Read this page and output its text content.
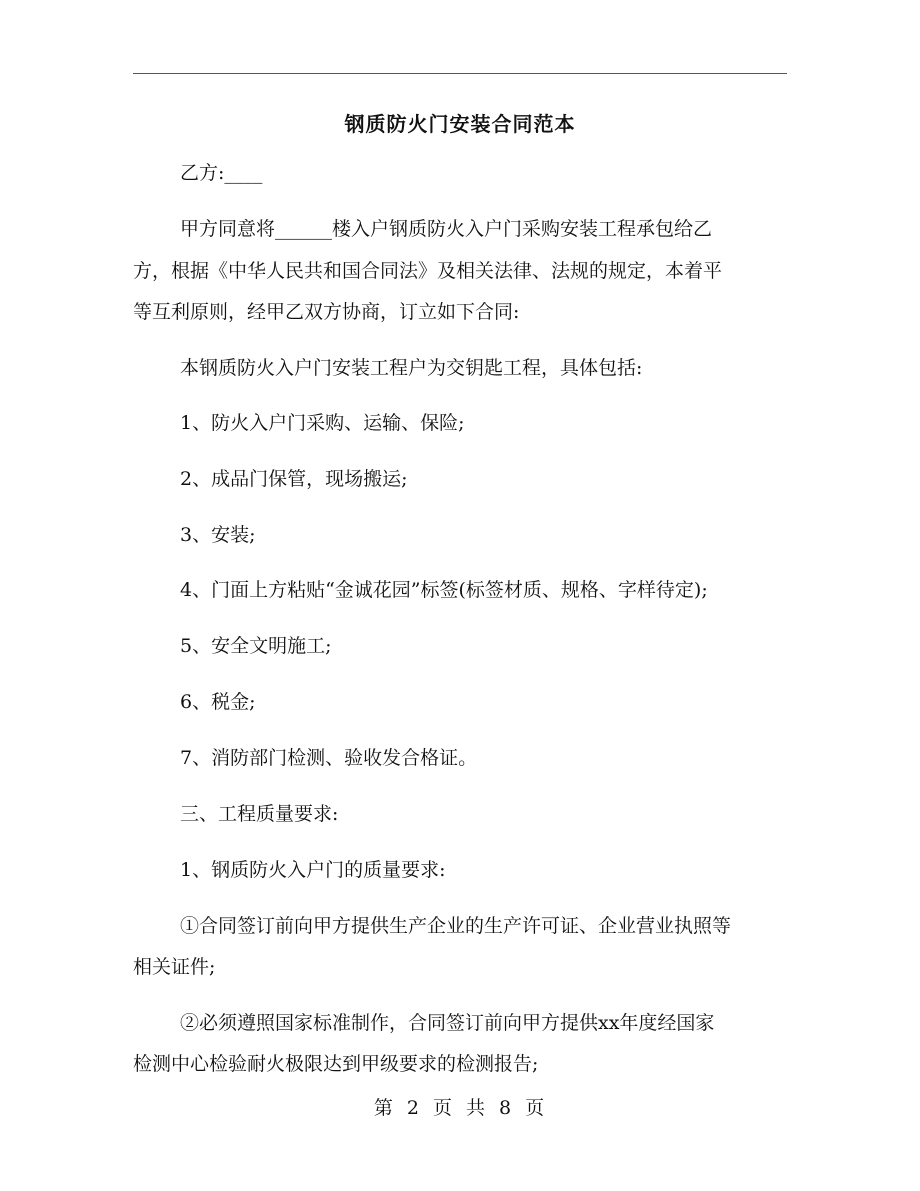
钢质防火门安装合同范本
乙方:____
甲方同意将______楼入户钢质防火入户门采购安装工程承包给乙
方，根据《中华人民共和国合同法》及相关法律、法规的规定，本着平
等互利原则，经甲乙双方协商，订立如下合同:
本钢质防火入户门安装工程户为交钥匙工程，具体包括:
1、防火入户门采购、运输、保险;
2、成品门保管，现场搬运;
3、安装;
4、门面上方粘贴“金诚花园”标签(标签材质、规格、字样待定);
5、安全文明施工;
6、税金;
7、消防部门检测、验收发合格证。
三、工程质量要求:
1、钢质防火入户门的质量要求:
①合同签订前向甲方提供生产企业的生产许可证、企业营业执照等
相关证件;
②必须遵照国家标准制作，合同签订前向甲方提供xx年度经国家
检测中心检验耐火极限达到甲级要求的检测报告;
第 2 页 共 8 页
